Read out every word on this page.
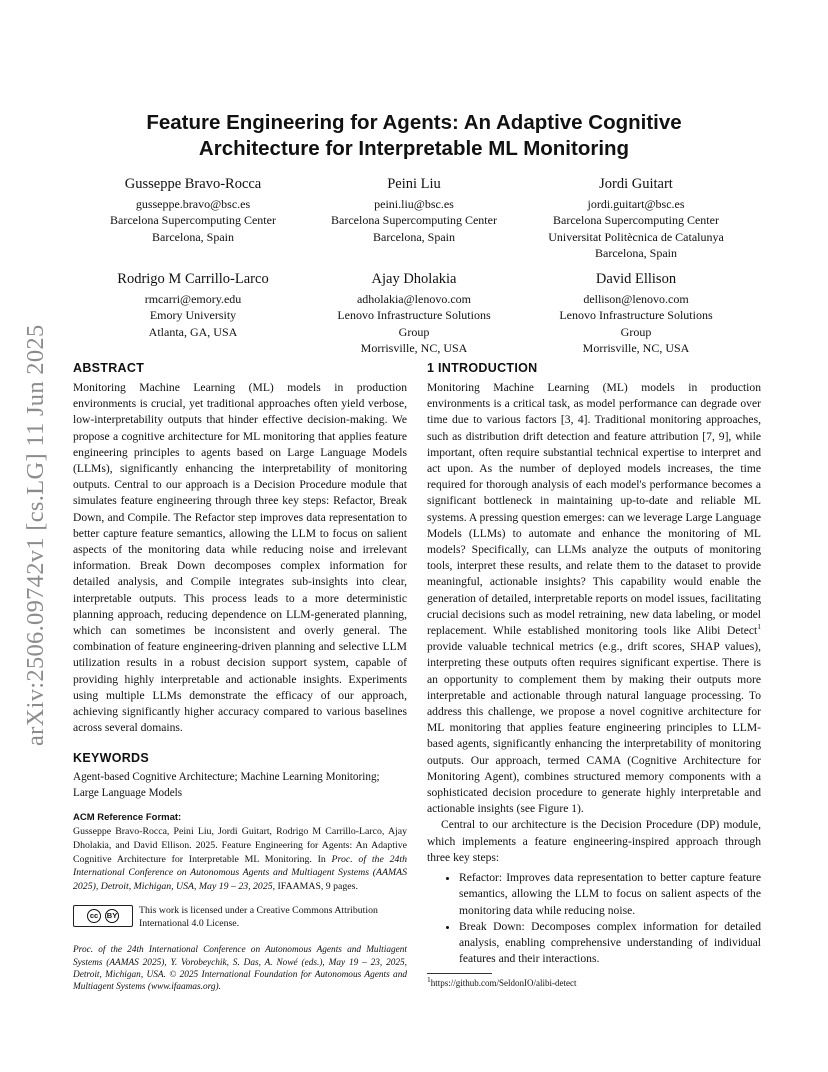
arXiv:2506.09742v1 [cs.LG] 11 Jun 2025
Feature Engineering for Agents: An Adaptive Cognitive
Architecture for Interpretable ML Monitoring
Gusseppe Bravo-Rocca
gusseppe.bravo@bsc.es
Barcelona Supercomputing Center
Barcelona, Spain
Peini Liu
peini.liu@bsc.es
Barcelona Supercomputing Center
Barcelona, Spain
Jordi Guitart
jordi.guitart@bsc.es
Barcelona Supercomputing Center
Universitat Politècnica de Catalunya
Barcelona, Spain
Rodrigo M Carrillo-Larco
rmcarri@emory.edu
Emory University
Atlanta, GA, USA
Ajay Dholakia
adholakia@lenovo.com
Lenovo Infrastructure Solutions
Group
Morrisville, NC, USA
David Ellison
dellison@lenovo.com
Lenovo Infrastructure Solutions
Group
Morrisville, NC, USA
ABSTRACT

Monitoring Machine Learning (ML) models in production environments is crucial, yet traditional approaches often yield verbose, low-interpretability outputs that hinder effective decision-making. We propose a cognitive architecture for ML monitoring that applies feature engineering principles to agents based on Large Language Models (LLMs), significantly enhancing the interpretability of monitoring outputs. Central to our approach is a Decision Procedure module that simulates feature engineering through three key steps: Refactor, Break Down, and Compile. The Refactor step improves data representation to better capture feature semantics, allowing the LLM to focus on salient aspects of the monitoring data while reducing noise and irrelevant information. Break Down decomposes complex information for detailed analysis, and Compile integrates sub-insights into clear, interpretable outputs. This process leads to a more deterministic planning approach, reducing dependence on LLM-generated planning, which can sometimes be inconsistent and overly general. The combination of feature engineering-driven planning and selective LLM utilization results in a robust decision support system, capable of providing highly interpretable and actionable insights. Experiments using multiple LLMs demonstrate the efficacy of our approach, achieving significantly higher accuracy compared to various baselines across several domains.

KEYWORDS

Agent-based Cognitive Architecture; Machine Learning Monitoring; Large Language Models

ACM Reference Format:

Gusseppe Bravo-Rocca, Peini Liu, Jordi Guitart, Rodrigo M Carrillo-Larco, Ajay Dholakia, and David Ellison. 2025. Feature Engineering for Agents: An Adaptive Cognitive Architecture for Interpretable ML Monitoring. In Proc. of the 24th International Conference on Autonomous Agents and Multiagent Systems (AAMAS 2025), Detroit, Michigan, USA, May 19 – 23, 2025, IFAAMAS, 9 pages.

cc	BY This work is licensed under a Creative Commons Attribution International 4.0 License.

Proc. of the 24th International Conference on Autonomous Agents and Multiagent Systems (AAMAS 2025), Y. Vorobeychik, S. Das, A. Nowé (eds.), May 19 – 23, 2025, Detroit, Michigan, USA. © 2025 International Foundation for Autonomous Agents and Multiagent Systems (www.ifaamas.org).

1 INTRODUCTION

Monitoring Machine Learning (ML) models in production environments is a critical task, as model performance can degrade over time due to various factors [3, 4]. Traditional monitoring approaches, such as distribution drift detection and feature attribution [7, 9], while important, often require substantial technical expertise to interpret and act upon. As the number of deployed models increases, the time required for thorough analysis of each model's performance becomes a significant bottleneck in maintaining up-to-date and reliable ML systems. A pressing question emerges: can we leverage Large Language Models (LLMs) to automate and enhance the monitoring of ML models? Specifically, can LLMs analyze the outputs of monitoring tools, interpret these results, and relate them to the dataset to provide meaningful, actionable insights? This capability would enable the generation of detailed, interpretable reports on model issues, facilitating crucial decisions such as model retraining, new data labeling, or model replacement. While established monitoring tools like Alibi Detect$^1$ provide valuable technical metrics (e.g., drift scores, SHAP values), interpreting these outputs often requires significant expertise. There is an opportunity to complement them by making their outputs more interpretable and actionable through natural language processing. To address this challenge, we propose a novel cognitive architecture for ML monitoring that applies feature engineering principles to LLM-based agents, significantly enhancing the interpretability of monitoring outputs. Our approach, termed CAMA (Cognitive Architecture for Monitoring Agent), combines structured memory components with a sophisticated decision procedure to generate highly interpretable and actionable insights (see Figure 1).

Central to our architecture is the Decision Procedure (DP) module, which implements a feature engineering-inspired approach through three key steps:

• Refactor: Improves data representation to better capture feature semantics, allowing the LLM to focus on salient aspects of the monitoring data while reducing noise.
• Break Down: Decomposes complex information for detailed analysis, enabling comprehensive understanding of individual features and their interactions.
$^1$https://github.com/SeldonIO/alibi-detect
